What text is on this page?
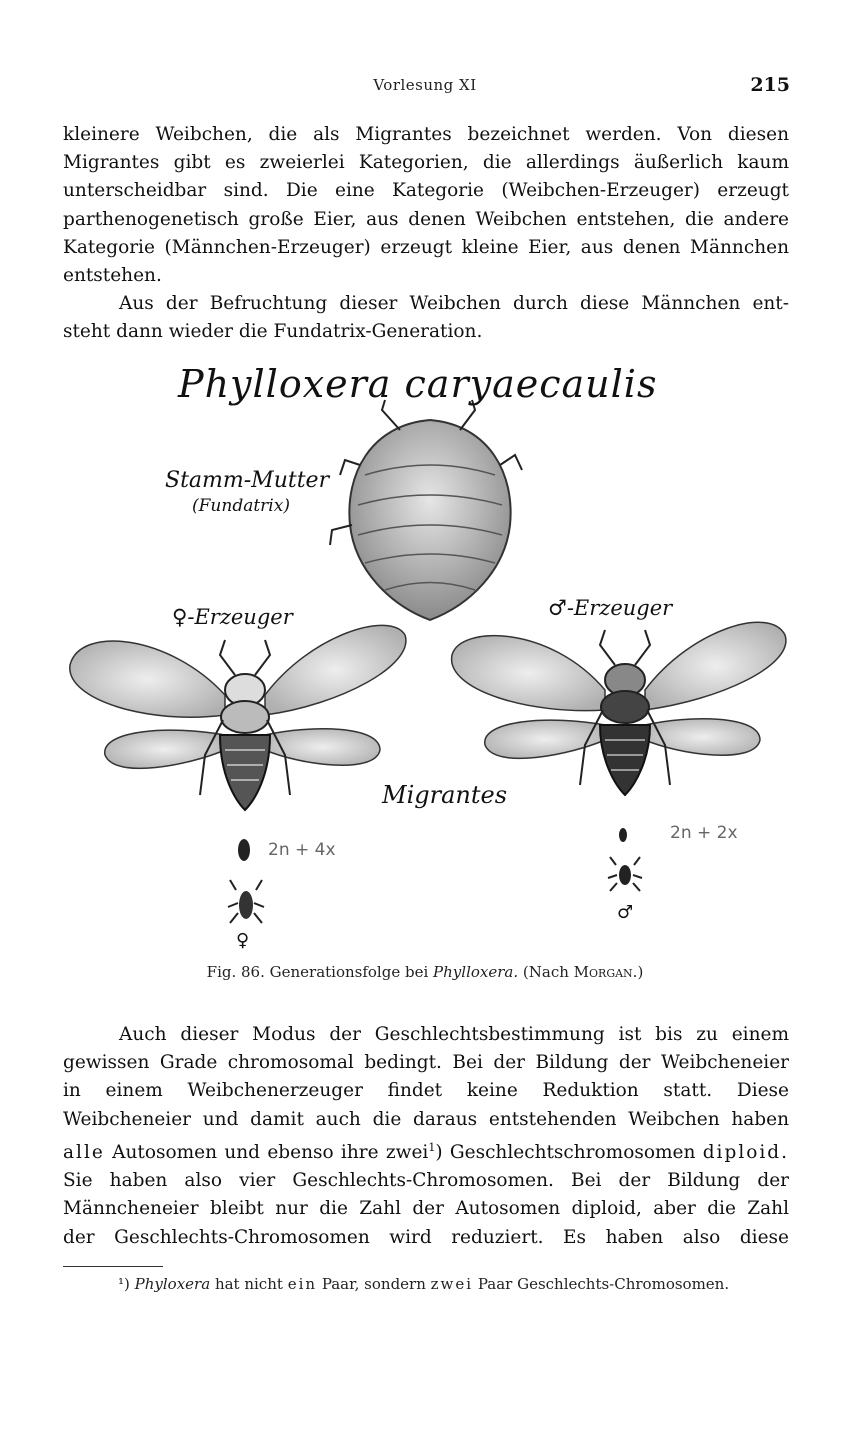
Vorlesung XI	215
kleinere Weibchen, die als Migrantes bezeichnet werden. Von diesen
Migrantes gibt es zweierlei Kategorien, die allerdings äußerlich kaum
unterscheidbar sind. Die eine Kategorie (Weibchen-Erzeuger) erzeugt
parthenogenetisch große Eier, aus denen Weibchen entstehen, die andere
Kategorie (Männchen-Erzeuger) erzeugt kleine Eier, aus denen Männchen
entstehen.
Aus der Befruchtung dieser Weibchen durch diese Männchen ent-
steht dann wieder die Fundatrix-Generation.
Phylloxera caryaecaulis
Stamm-Mutter
(Fundatrix)
♀-Erzeuger	♂-Erzeuger
Migrantes
2n + 4x
2n + 2x
♀
♂
Fig. 86. Generationsfolge bei Phylloxera. (Nach Morgan.)
Auch dieser Modus der Geschlechtsbestimmung ist bis zu einem
gewissen Grade chromosomal bedingt. Bei der Bildung der Weibcheneier
in einem Weibchenerzeuger findet keine Reduktion statt. Diese
Weibcheneier und damit auch die daraus entstehenden Weibchen haben
alle Autosomen und ebenso ihre zwei$^1$) Geschlechtschromosomen diploid.
Sie haben also vier Geschlechts-Chromosomen. Bei der Bildung der
Männcheneier bleibt nur die Zahl der Autosomen diploid, aber die Zahl
der Geschlechts-Chromosomen wird reduziert. Es haben also diese
¹) Phyloxera hat nicht ein Paar, sondern zwei Paar Geschlechts-Chromosomen.
